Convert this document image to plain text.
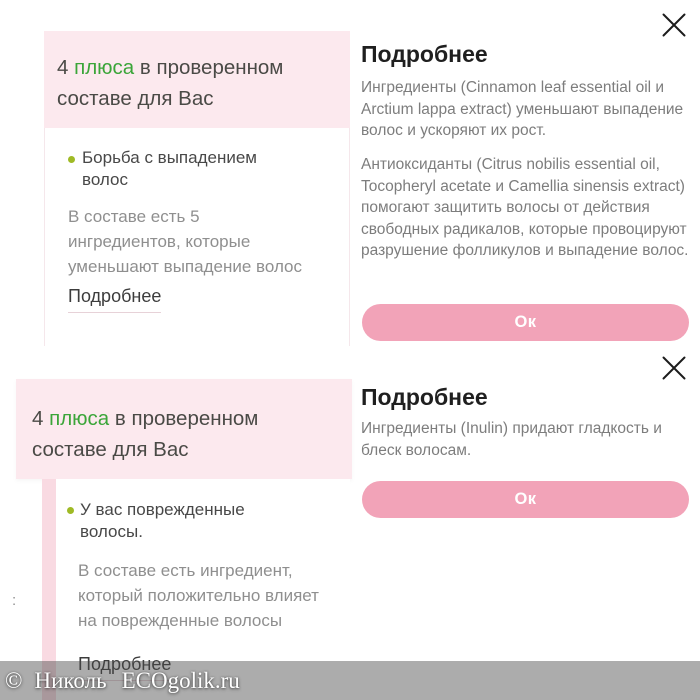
4 плюса в проверенном составе для Вас

Борьба с выпадением волос

В составе есть 5 ингредиентов, которые уменьшают выпадение волос

Подробнее
Подробнее

Ингредиенты (Cinnamon leaf essential oil и Arctium lappa extract) уменьшают выпадение волос и ускоряют их рост.

Антиоксиданты (Citrus nobilis essential oil, Tocopheryl acetate и Camellia sinensis extract) помогают защитить волосы от действия свободных радикалов, которые провоцируют разрушение фолликулов и выпадение волос.

Ок

4 плюса в проверенном составе для Вас

У вас поврежденные волосы.

В составе есть ингредиент, который положительно влияет на поврежденные волосы

Подробнее
Подробнее

Ингредиенты (Inulin) придают гладкость и блеск волосам.

Ок
:
© Николь ECOgolik.ru
